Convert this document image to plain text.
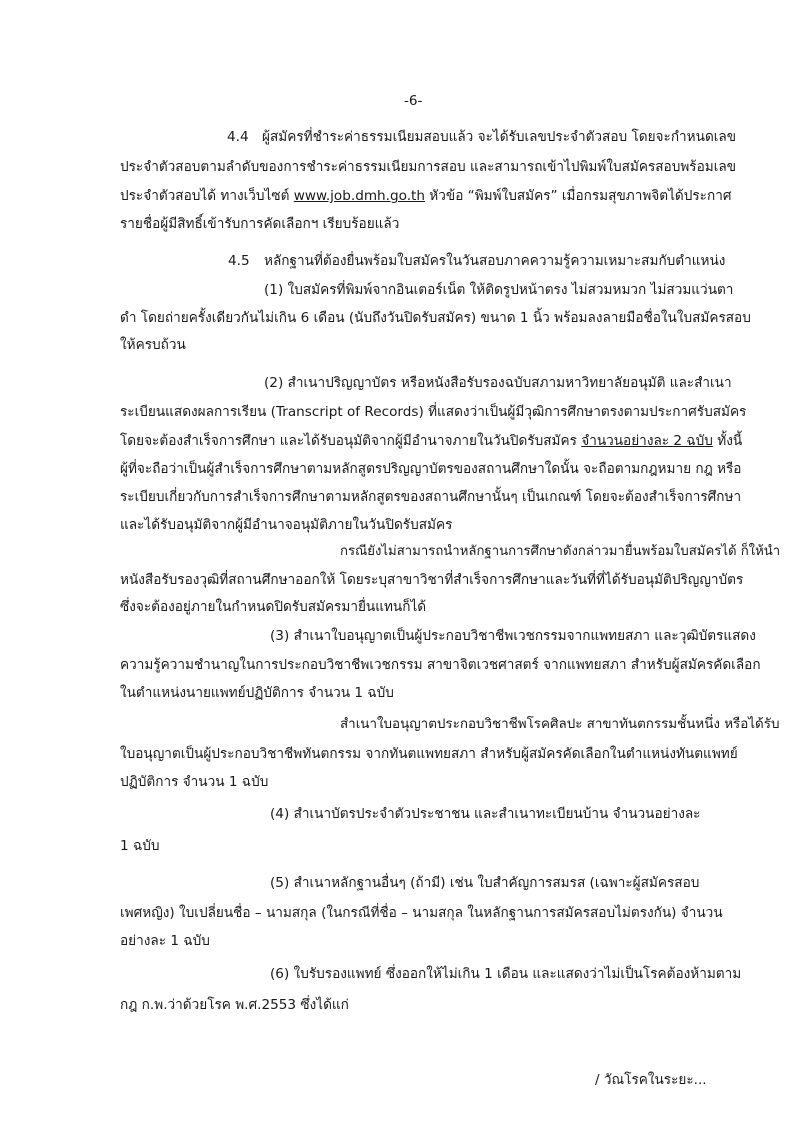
-6-
4.4 ผู้สมัครที่ชำระค่าธรรมเนียมสอบแล้ว จะได้รับเลขประจำตัวสอบ โดยจะกำหนดเลข
ประจำตัวสอบตามลำดับของการชำระค่าธรรมเนียมการสอบ และสามารถเข้าไปพิมพ์ใบสมัครสอบพร้อมเลข
ประจำตัวสอบได้ ทางเว็บไซต์ www.job.dmh.go.th หัวข้อ “พิมพ์ใบสมัคร” เมื่อกรมสุขภาพจิตได้ประกาศ
รายชื่อผู้มีสิทธิ์เข้ารับการคัดเลือกฯ เรียบร้อยแล้ว
4.5 หลักฐานที่ต้องยื่นพร้อมใบสมัครในวันสอบภาคความรู้ความเหมาะสมกับตำแหน่ง
(1) ใบสมัครที่พิมพ์จากอินเตอร์เน็ต ให้ติดรูปหน้าตรง ไม่สวมหมวก ไม่สวมแว่นตา
ดำ โดยถ่ายครั้งเดียวกันไม่เกิน 6 เดือน (นับถึงวันปิดรับสมัคร) ขนาด 1 นิ้ว พร้อมลงลายมือชื่อในใบสมัครสอบ
ให้ครบถ้วน
(2) สำเนาปริญญาบัตร หรือหนังสือรับรองฉบับสภามหาวิทยาลัยอนุมัติ และสำเนา
ระเบียนแสดงผลการเรียน (Transcript of Records) ที่แสดงว่าเป็นผู้มีวุฒิการศึกษาตรงตามประกาศรับสมัคร
โดยจะต้องสำเร็จการศึกษา และได้รับอนุมัติจากผู้มีอำนาจภายในวันปิดรับสมัคร จำนวนอย่างละ 2 ฉบับ ทั้งนี้
ผู้ที่จะถือว่าเป็นผู้สำเร็จการศึกษาตามหลักสูตรปริญญาบัตรของสถานศึกษาใดนั้น จะถือตามกฎหมาย กฎ หรือ
ระเบียบเกี่ยวกับการสำเร็จการศึกษาตามหลักสูตรของสถานศึกษานั้นๆ เป็นเกณฑ์ โดยจะต้องสำเร็จการศึกษา
และได้รับอนุมัติจากผู้มีอำนาจอนุมัติภายในวันปิดรับสมัคร
กรณียังไม่สามารถนำหลักฐานการศึกษาดังกล่าวมายื่นพร้อมใบสมัครได้ ก็ให้นำ
หนังสือรับรองวุฒิที่สถานศึกษาออกให้ โดยระบุสาขาวิชาที่สำเร็จการศึกษาและวันที่ที่ได้รับอนุมัติปริญญาบัตร
ซึ่งจะต้องอยู่ภายในกำหนดปิดรับสมัครมายื่นแทนก็ได้
(3) สำเนาใบอนุญาตเป็นผู้ประกอบวิชาชีพเวชกรรมจากแพทยสภา และวุฒิบัตรแสดง
ความรู้ความชำนาญในการประกอบวิชาชีพเวชกรรม สาขาจิตเวชศาสตร์ จากแพทยสภา สำหรับผู้สมัครคัดเลือก
ในตำแหน่งนายแพทย์ปฏิบัติการ จำนวน 1 ฉบับ
สำเนาใบอนุญาตประกอบวิชาชีพโรคศิลปะ สาขาทันตกรรมชั้นหนึ่ง หรือได้รับ
ใบอนุญาตเป็นผู้ประกอบวิชาชีพทันตกรรม จากทันตแพทยสภา สำหรับผู้สมัครคัดเลือกในตำแหน่งทันตแพทย์
ปฏิบัติการ จำนวน 1 ฉบับ
(4) สำเนาบัตรประจำตัวประชาชน และสำเนาทะเบียนบ้าน จำนวนอย่างละ
1 ฉบับ
(5) สำเนาหลักฐานอื่นๆ (ถ้ามี) เช่น ใบสำคัญการสมรส (เฉพาะผู้สมัครสอบ
เพศหญิง) ใบเปลี่ยนชื่อ – นามสกุล (ในกรณีที่ชื่อ – นามสกุล ในหลักฐานการสมัครสอบไม่ตรงกัน) จำนวน
อย่างละ 1 ฉบับ
(6) ใบรับรองแพทย์ ซึ่งออกให้ไม่เกิน 1 เดือน และแสดงว่าไม่เป็นโรคต้องห้ามตาม
กฎ ก.พ.ว่าด้วยโรค พ.ศ.2553 ซึ่งได้แก่
/ วัณโรคในระยะ...
